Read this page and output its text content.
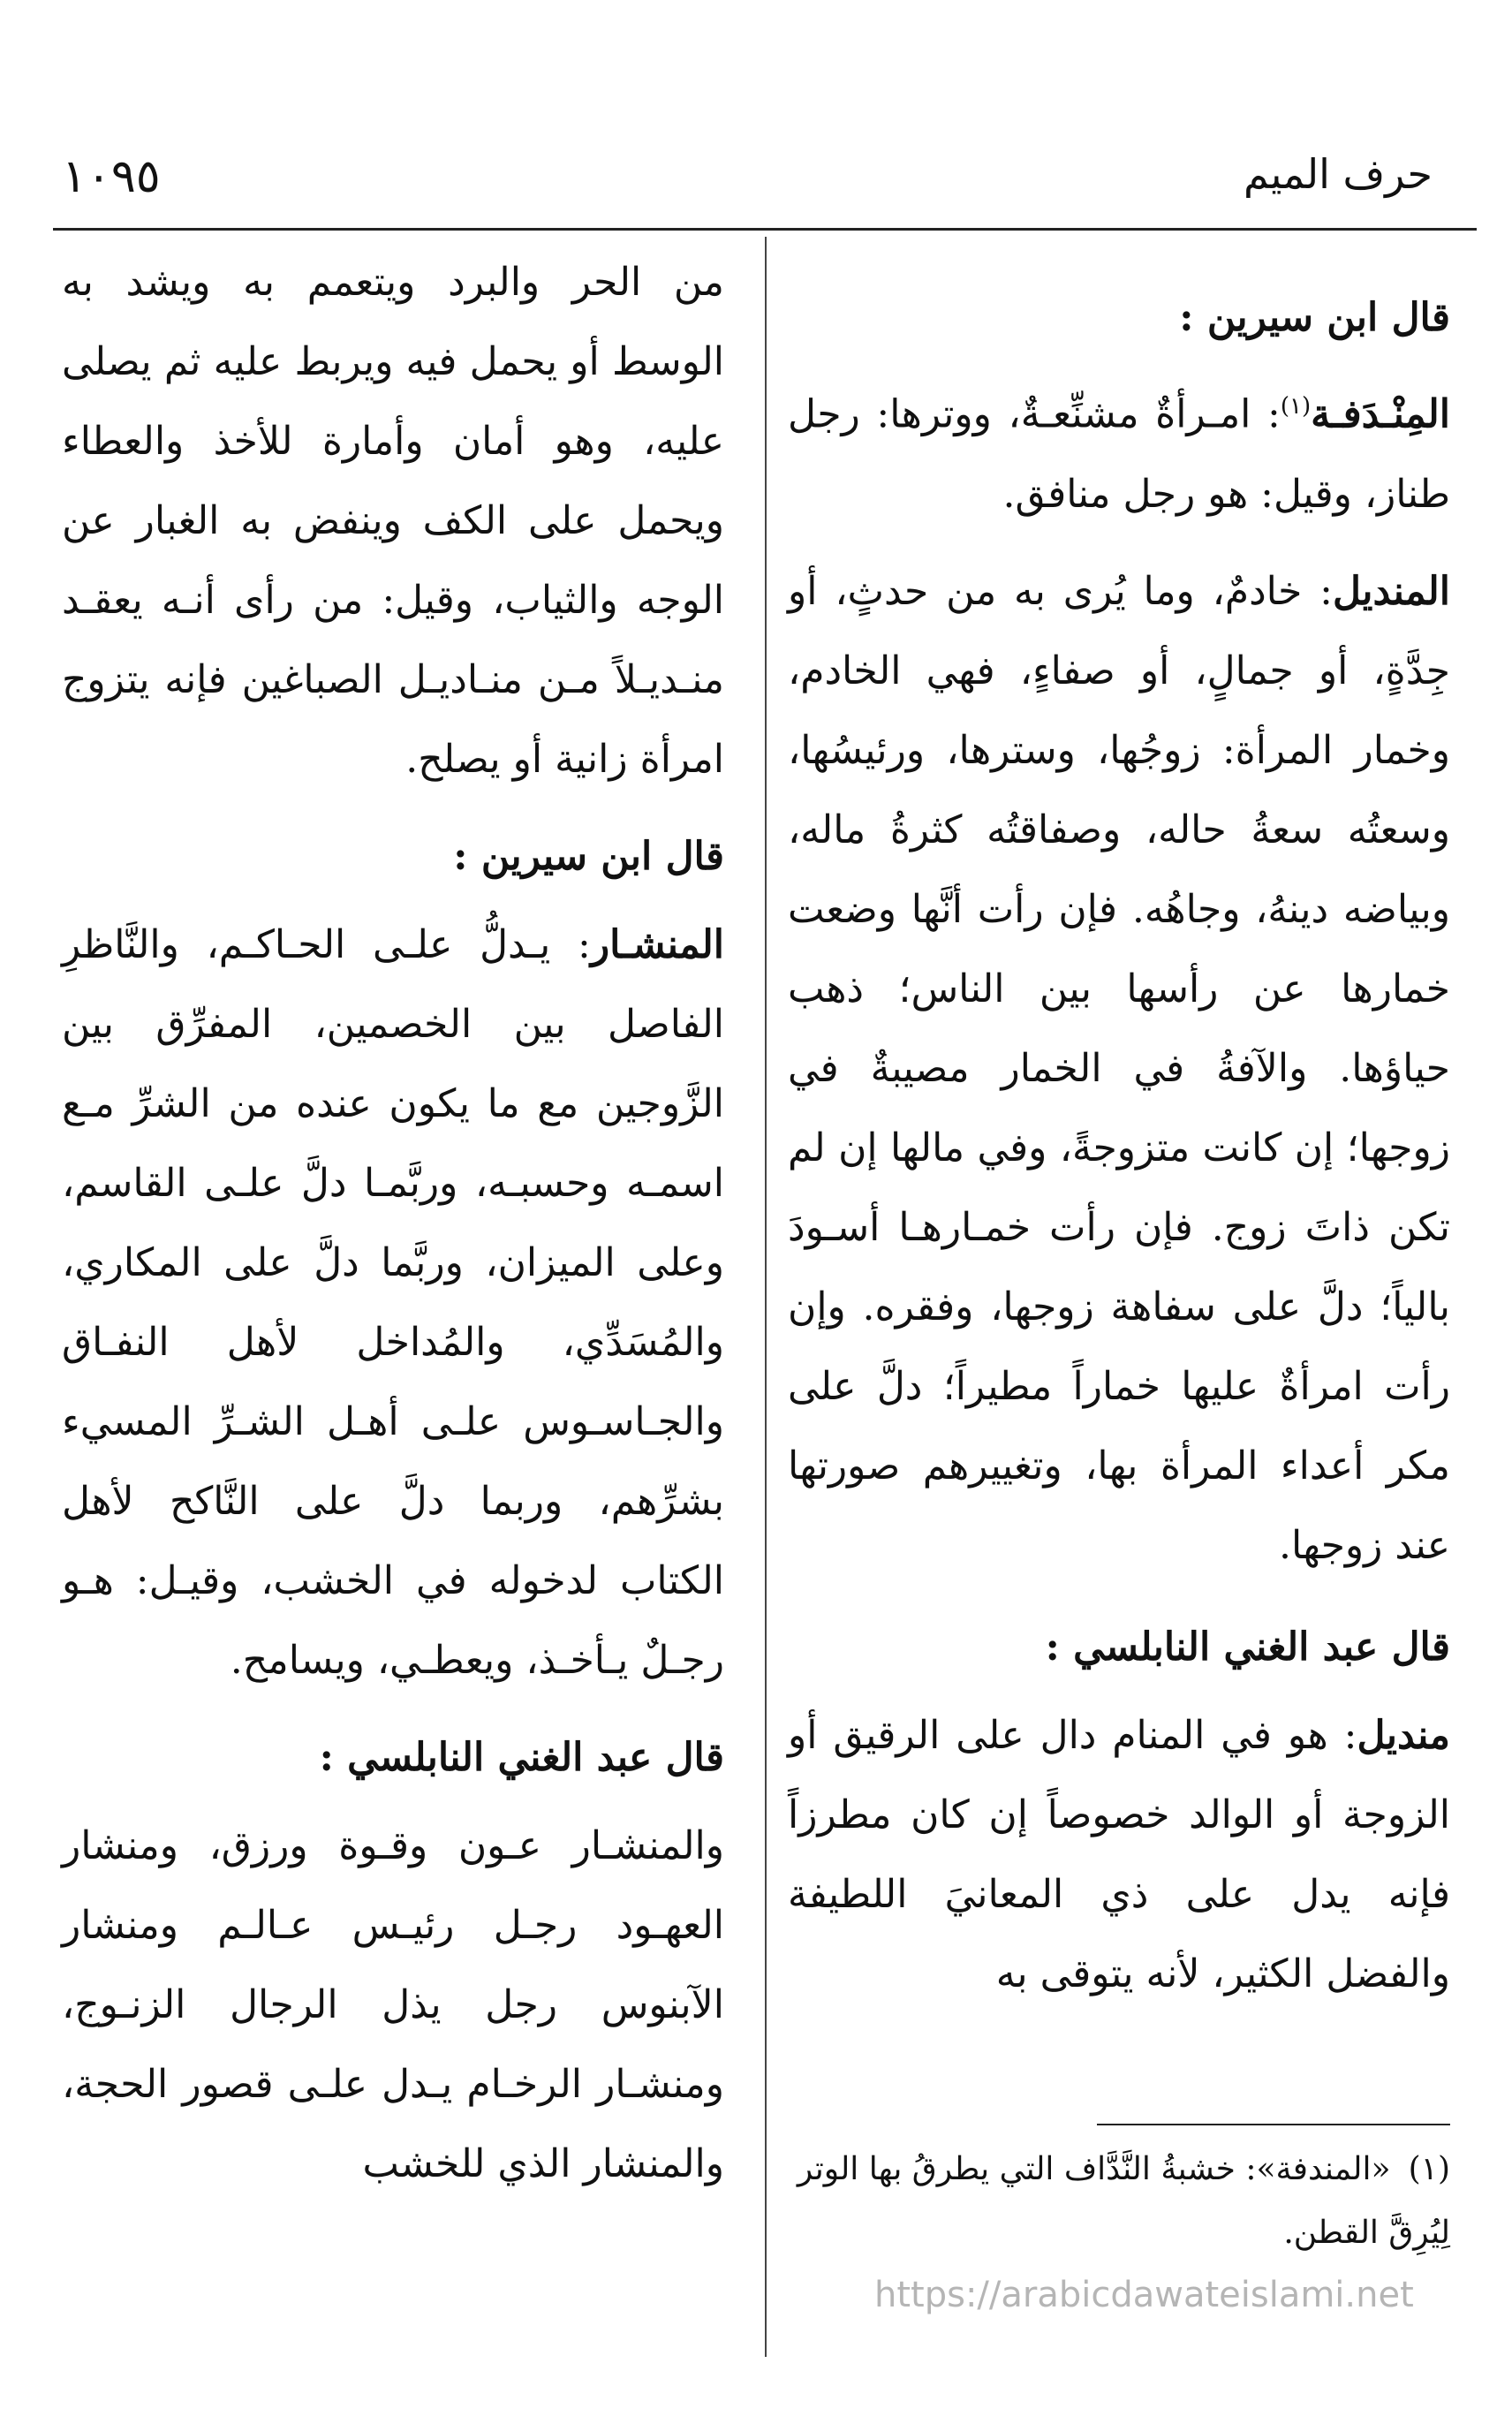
حرف الميم
١٠٩٥

قال ابن سيرين :

المِنْـدَفـة$^{(١)}$: امـرأةٌ مشنِّعـةٌ، ووترها: رجل طناز، وقيل: هو رجل منافق.

المنديل: خادمٌ، وما يُرى به من حدثٍ، أو جِدَّةٍ، أو جمالٍ، أو صفاءٍ، فهي الخادم، وخمار المرأة: زوجُها، وسترها، ورئيسُها، وسعتُه سعةُ حاله، وصفاقتُه كثرةُ ماله، وبياضه دينهُ، وجاهُه. فإن رأت أنَّها وضعت خمارها عن رأسها بين الناس؛ ذهب حياؤها. والآفةُ في الخمار مصيبةٌ في زوجها؛ إن كانت متزوجةً، وفي مالها إن لم تكن ذاتَ زوج. فإن رأت خمـارهـا أسـودَ بالياً؛ دلَّ على سفاهة زوجها، وفقره. وإن رأت امرأةٌ عليها خماراً مطيراً؛ دلَّ على مكر أعداء المرأة بها، وتغييرهم صورتها عند زوجها.

قال عبد الغني النابلسي :

منديل: هو في المنام دال على الرقيق أو الزوجة أو الوالد خصوصاً إن كان مطرزاً فإنه يدل على ذي المعانيَ اللطيفة والفضل الكثير، لأنه يتوقى به

من الحر والبرد ويتعمم به ويشد به الوسط أو يحمل فيه ويربط عليه ثم يصلى عليه، وهو أمان وأمارة للأخذ والعطاء ويحمل على الكف وينفض به الغبار عن الوجه والثياب، وقيل: من رأى أنـه يعقـد منـديـلاً مـن منـاديـل الصباغين فإنه يتزوج امرأة زانية أو يصلح.

قال ابن سيرين :

المنشـار: يـدلُّ علـى الحـاكـم، والنَّاظرِ الفاصل بين الخصمين، المفرِّق بين الزَّوجين مع ما يكون عنده من الشرِّ مـع اسمـه وحسبـه، وربَّمـا دلَّ علـى القاسم، وعلى الميزان، وربَّما دلَّ على المكاري، والمُسَدِّي، والمُداخل لأهل النفـاق والجـاسـوس علـى أهـل الشـرِّ المسيء بشرِّهم، وربما دلَّ على النَّاكح لأهل الكتاب لدخوله في الخشب، وقيـل: هـو رجـلٌ يـأخـذ، ويعطـي، ويسامح.

قال عبد الغني النابلسي :

والمنشـار عـون وقـوة ورزق، ومنشار العهـود رجـل رئيـس عـالـم ومنشار الآبنوس رجل يذل الرجال الزنـوج، ومنشـار الرخـام يـدل علـى قصور الحجة، والمنشار الذي للخشب	(١)«المندفة»: خشبةُ النَّدَّاف التي يطرقُ بها الوتر لِيُرِقَّ القطن.
https://arabicdawateislami.net
